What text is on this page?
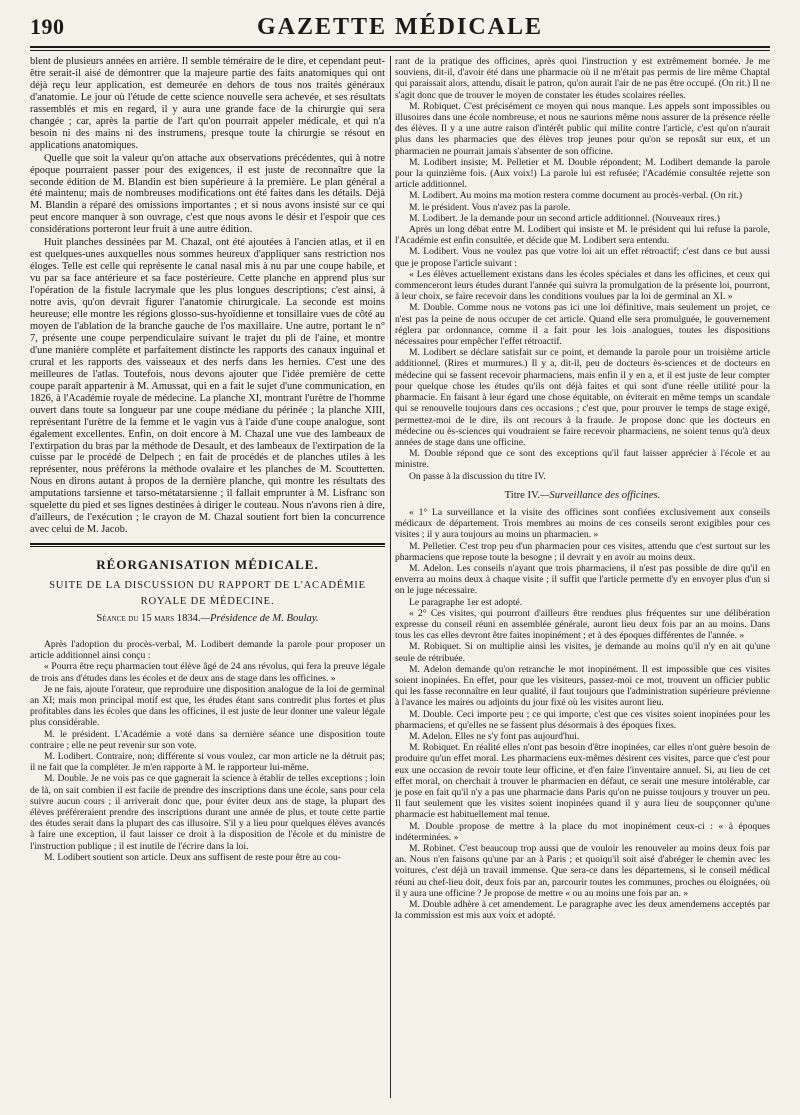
190	GAZETTE MÉDICALE

blent de plusieurs années en arrière. Il semble téméraire de le dire, et cependant peut-être serait-il aisé de démontrer que la majeure partie des faits anatomiques qui ont déjà reçu leur application, est demeurée en dehors de tous nos traités généraux d'anatomie. Le jour où l'étude de cette science nouvelle sera achevée, et ses résultats rassemblés et mis en regard, il y aura une grande face de la chirurgie qui sera changée ; car, après la partie de l'art qu'on pourrait appeler médicale, et qui n'a besoin ni des mains ni des instrumens, presque toute la chirurgie se résout en applications anatomiques.

Quelle que soit la valeur qu'on attache aux observations précédentes, qui à notre époque pourraient passer pour des exigences, il est juste de reconnaître que la seconde édition de M. Blandin est bien supérieure à la première. Le plan général a été maintenu; mais de nombreuses modifications ont été faites dans les détails. Déjà M. Blandin a réparé des omissions importantes ; et si nous avons insisté sur ce qui peut encore manquer à son ouvrage, c'est que nous avons le désir et l'espoir que ces considérations porteront leur fruit à une autre édition.

Huit planches dessinées par M. Chazal, ont été ajoutées à l'ancien atlas, et il en est quelques-unes auxquelles nous sommes heureux d'appliquer sans restriction nos éloges. Telle est celle qui représente le canal nasal mis à nu par une coupe habile, et vu par sa face antérieure et sa face postérieure. Cette planche en apprend plus sur l'opération de la fistule lacrymale que les plus longues descriptions; c'est ainsi, à notre avis, qu'on devrait figurer l'anatomie chirurgicale. La seconde est moins heureuse; elle montre les régions glosso-sus-hyoïdienne et tonsillaire vues de côté au moyen de l'ablation de la branche gauche de l'os maxillaire. Une autre, portant le n° 7, présente une coupe perpendiculaire suivant le trajet du pli de l'aine, et montre d'une manière complète et parfaitement distincte les rapports des canaux inguinal et crural et les rapports des vaisseaux et des nerfs dans les hernies. C'est une des meilleures de l'atlas. Toutefois, nous devons ajouter que l'idée première de cette coupe paraît appartenir à M. Amussat, qui en a fait le sujet d'une communication, en 1826, à l'Académie royale de médecine. La planche XI, montrant l'urètre de l'homme ouvert dans toute sa longueur par une coupe médiane du périnée ; la planche XIII, représentant l'urètre de la femme et le vagin vus à l'aide d'une coupe analogue, sont également excellentes. Enfin, on doit encore à M. Chazal une vue des lambeaux de l'extirpation du bras par la méthode de Desault, et des lambeaux de l'extirpation de la cuisse par le procédé de Delpech ; en fait de procédés et de planches utiles à les représenter, nous préférons la méthode ovalaire et les planches de M. Scouttetten. Nous en dirons autant à propos de la dernière planche, qui montre les résultats des amputations tarsienne et tarso-métatarsienne ; il fallait emprunter à M. Lisfranc son squelette du pied et ses lignes destinées à diriger le couteau. Nous n'avons rien à dire, d'ailleurs, de l'exécution ; le crayon de M. Chazal soutient fort bien la concurrence avec celui de M. Jacob.

RÉORGANISATION MÉDICALE.
SUITE DE LA DISCUSSION DU RAPPORT DE L'ACADÉMIE
ROYALE DE MÉDECINE.
Séance du 15 mars 1834.—Présidence de M. Boulay.

Après l'adoption du procès-verbal, M. Lodibert demande la parole pour proposer un article additionnel ainsi conçu :

« Pourra être reçu pharmacien tout élève âgé de 24 ans révolus, qui fera la preuve légale de trois ans d'études dans les écoles et de deux ans de stage dans les officines. »

Je ne fais, ajoute l'orateur, que reproduire une disposition analogue de la loi de germinal an XI; mais mon principal motif est que, les études étant sans contredit plus fortes et plus profitables dans les écoles que dans les officines, il est juste de leur donner une valeur légale plus considérable.

M. le président. L'Académie a voté dans sa dernière séance une disposition toute contraire ; elle ne peut revenir sur son vote.

M. Lodibert. Contraire, non; différente si vous voulez, car mon article ne la détruit pas; il ne fait que la compléter. Je m'en rapporte à M. le rapporteur lui-même.

M. Double. Je ne vois pas ce que gagnerait la science à établir de telles exceptions ; loin de là, on sait combien il est facile de prendre des inscriptions dans une école, sans pour cela suivre aucun cours ; il arriverait donc que, pour éviter deux ans de stage, la plupart des élèves préféreraient prendre des inscriptions durant une année de plus, et toute cette partie des études serait dans la plupart des cas illusoire. S'il y a lieu pour quelques élèves avancés à faire une exception, il faut laisser ce droit à la disposition de l'école et du ministre de l'instruction publique ; il est inutile de l'écrire dans la loi.

M. Lodibert soutient son article. Deux ans suffisent de reste pour être au cou-

rant de la pratique des officines, après quoi l'instruction y est extrêmement bornée. Je me souviens, dit-il, d'avoir été dans une pharmacie où il ne m'était pas permis de lire même Chaptal qui paraissait alors, attendu, disait le patron, qu'on aurait l'air de ne pas être occupé. (On rit.) Il ne s'agit donc que de trouver le moyen de constater les études scolaires réelles.

M. Robiquet. C'est précisément ce moyen qui nous manque. Les appels sont impossibles ou illusoires dans une école nombreuse, et nous ne saurions même nous assurer de la présence réelle des élèves. Il y a une autre raison d'intérêt public qui milite contre l'article, c'est qu'on n'aurait plus dans les pharmacies que des élèves trop jeunes pour qu'on se reposât sur eux, et un pharmacien ne pourrait jamais s'absenter de son officine.

M. Lodibert insiste; M. Pelletier et M. Double répondent; M. Lodibert demande la parole pour la quinzième fois. (Aux voix!) La parole lui est refusée; l'Académie consultée rejette son article additionnel.

M. Lodibert. Au moins ma motion restera comme document au procès-verbal. (On rit.)

M. le président. Vous n'avez pas la parole.

M. Lodibert. Je la demande pour un second article additionnel. (Nouveaux rires.)

Après un long débat entre M. Lodibert qui insiste et M. le président qui lui refuse la parole, l'Académie est enfin consultée, et décide que M. Lodibert sera entendu.

M. Lodibert. Vous ne voulez pas que votre loi ait un effet rétroactif; c'est dans ce but aussi que je propose l'article suivant :

« Les élèves actuellement existans dans les écoles spéciales et dans les officines, et ceux qui commenceront leurs études durant l'année qui suivra la promulgation de la présente loi, pourront, à leur choix, se faire recevoir dans les conditions voulues par la loi de germinal an XI. »

M. Double. Comme nous ne votons pas ici une loi définitive, mais seulement un projet, ce n'est pas la peine de nous occuper de cet article. Quand elle sera promulguée, le gouvernement réglera par ordonnance, comme il a fait pour les lois analogues, toutes les dispositions nécessaires pour empêcher l'effet rétroactif.

M. Lodibert se déclare satisfait sur ce point, et demande la parole pour un troisième article additionnel. (Rires et murmures.) Il y a, dit-il, peu de docteurs ès-sciences et de docteurs en médecine qui se fassent recevoir pharmaciens, mais enfin il y en a, et il est juste de leur compter pour quelque chose les études qu'ils ont déjà faites et qui sont d'une réelle utilité pour la pharmacie. En faisant à leur égard une chose équitable, on éviterait en même temps un scandale qui se renouvelle toujours dans ces occasions ; c'est que, pour prouver le temps de stage exigé, permettez-moi de le dire, ils ont recours à la fraude. Je propose donc que les docteurs en médecine ou ès-sciences qui voudraient se faire recevoir pharmaciens, ne soient tenus qu'à deux années de stage dans une officine.

M. Double répond que ce sont des exceptions qu'il faut laisser apprécier à l'école et au ministre.

On passe à la discussion du titre IV.

Titre IV.—Surveillance des officines.

« 1° La surveillance et la visite des officines sont confiées exclusivement aux conseils médicaux de département. Trois membres au moins de ces conseils seront exigibles pour ces visites ; il y aura toujours au moins un pharmacien. »

M. Pelletier. C'est trop peu d'un pharmacien pour ces visites, attendu que c'est surtout sur les pharmaciens que repose toute la besogne ; il devrait y en avoir au moins deux.

M. Adelon. Les conseils n'ayant que trois pharmaciens, il n'est pas possible de dire qu'il en enverra au moins deux à chaque visite ; il suffit que l'article permette d'y en envoyer plus d'un si on le juge nécessaire.

Le paragraphe 1er est adopté.

« 2° Ces visites, qui pourront d'ailleurs être rendues plus fréquentes sur une délibération expresse du conseil réuni en assemblée générale, auront lieu deux fois par an au moins. Dans tous les cas elles devront être faites inopinément ; et à des époques différentes de l'année. »

M. Robiquet. Si on multiplie ainsi les visites, je demande au moins qu'il n'y en ait qu'une seule de rétribuée.

M. Adelon demande qu'on retranche le mot inopinément. Il est impossible que ces visites soient inopinées. En effet, pour que les visiteurs, passez-moi ce mot, trouvent un officier public qui les fasse reconnaître en leur qualité, il faut toujours que l'administration supérieure prévienne à l'avance les maires ou adjoints du jour fixé où les visites auront lieu.

M. Double. Ceci importe peu ; ce qui importe, c'est que ces visites soient inopinées pour les pharmaciens, et qu'elles ne se fassent plus désormais à des époques fixes.

M. Adelon. Elles ne s'y font pas aujourd'hui.

M. Robiquet. En réalité elles n'ont pas besoin d'être inopinées, car elles n'ont guère besoin de produire qu'un effet moral. Les pharmaciens eux-mêmes désirent ces visites, parce que c'est pour eux une occasion de revoir toute leur officine, et d'en faire l'inventaire annuel. Si, au lieu de cet effet moral, on cherchait à trouver le pharmacien en défaut, ce serait une mesure intolérable, car je pose en fait qu'il n'y a pas une pharmacie dans Paris qu'on ne puisse toujours y trouver un peu. Il faut seulement que les visites soient inopinées quand il y aura lieu de soupçonner qu'une pharmacie est habituellement mal tenue.

M. Double propose de mettre à la place du mot inopinément ceux-ci : « à époques indéterminées. »

M. Robinet. C'est beaucoup trop aussi que de vouloir les renouveler au moins deux fois par an. Nous n'en faisons qu'une par an à Paris ; et quoiqu'il soit aisé d'abréger le chemin avec les voitures, c'est déjà un travail immense. Que sera-ce dans les départemens, si le conseil médical réuni au chef-lieu doit, deux fois par an, parcourir toutes les communes, proches ou éloignées, où il y aura une officine ? Je propose de mettre « ou au moins une fois par an. »

M. Double adhère à cet amendement. Le paragraphe avec les deux amendemens acceptés par la commission est mis aux voix et adopté.
